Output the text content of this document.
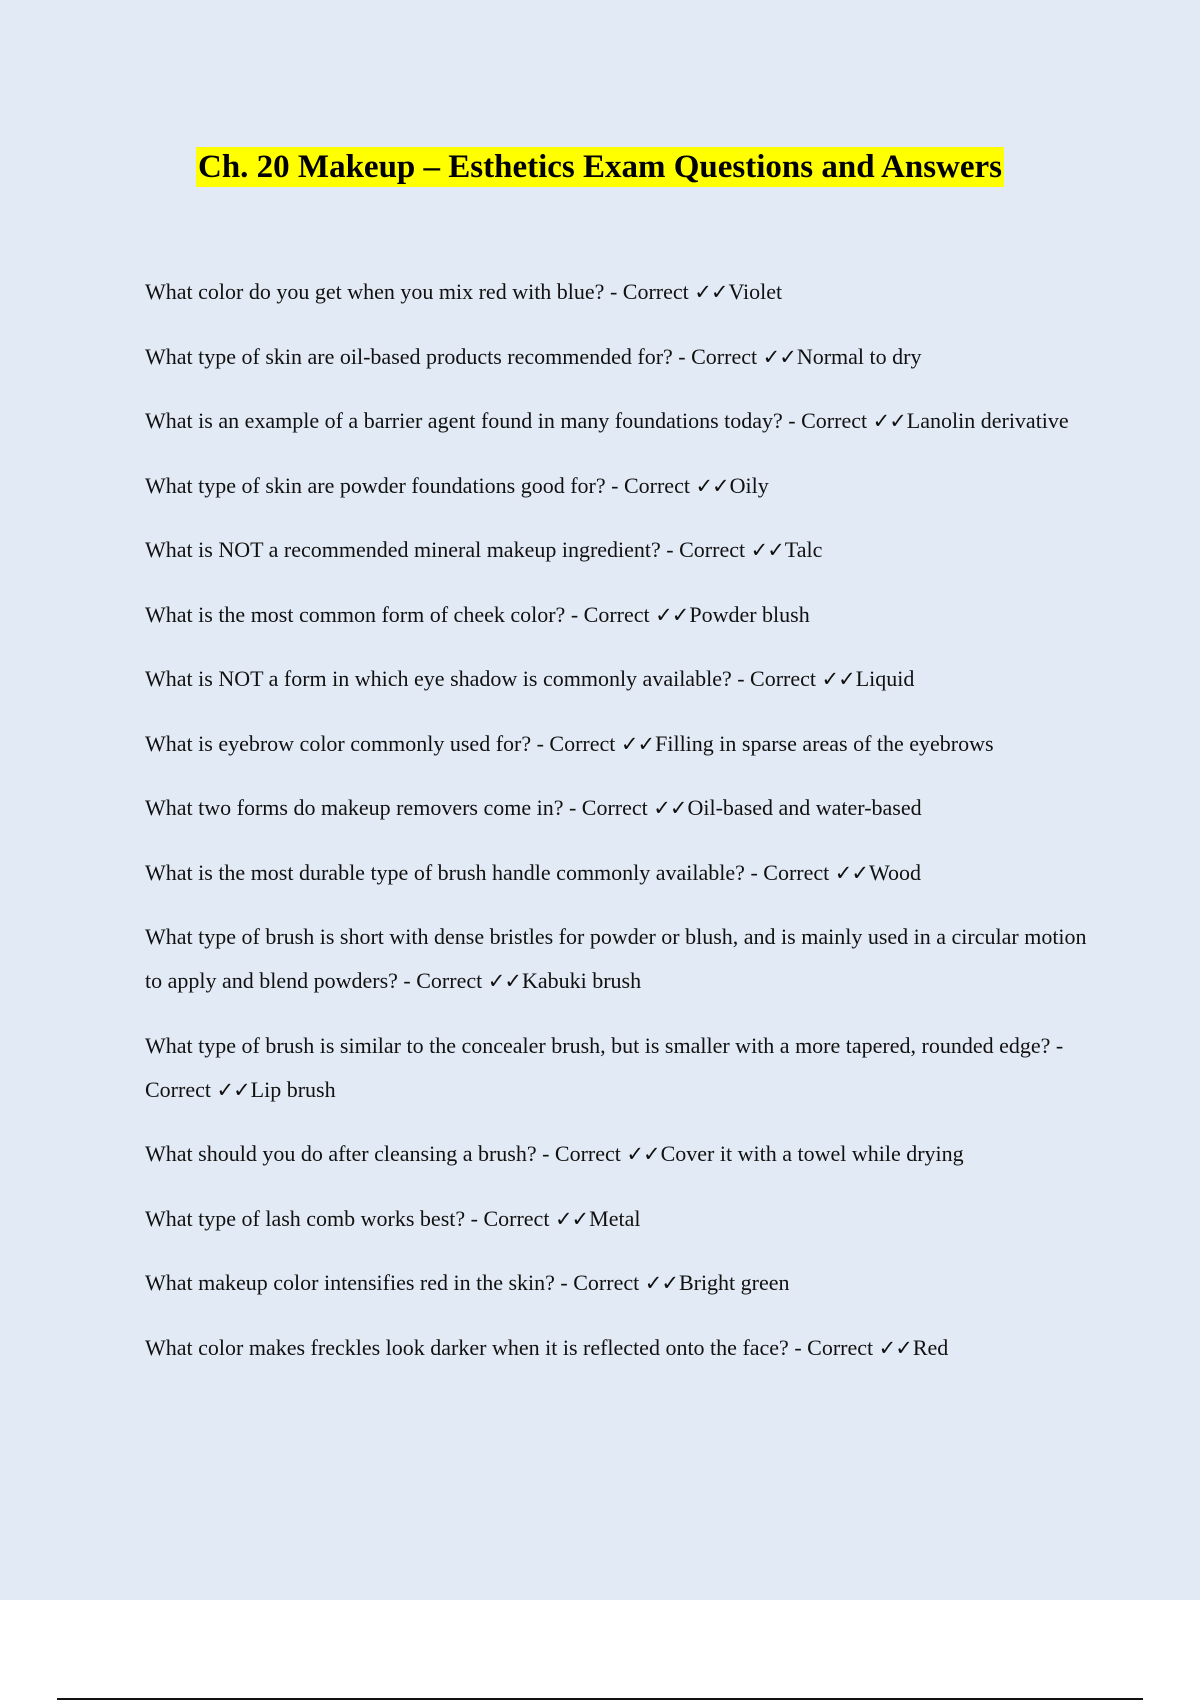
Ch. 20 Makeup – Esthetics Exam Questions and Answers
What color do you get when you mix red with blue? - Correct ✓✓Violet
What type of skin are oil-based products recommended for? - Correct ✓✓Normal to dry
What is an example of a barrier agent found in many foundations today? - Correct ✓✓Lanolin derivative
What type of skin are powder foundations good for? - Correct ✓✓Oily
What is NOT a recommended mineral makeup ingredient? - Correct ✓✓Talc
What is the most common form of cheek color? - Correct ✓✓Powder blush
What is NOT a form in which eye shadow is commonly available? - Correct ✓✓Liquid
What is eyebrow color commonly used for? - Correct ✓✓Filling in sparse areas of the eyebrows
What two forms do makeup removers come in? - Correct ✓✓Oil-based and water-based
What is the most durable type of brush handle commonly available? - Correct ✓✓Wood
What type of brush is short with dense bristles for powder or blush, and is mainly used in a circular motion to apply and blend powders? - Correct ✓✓Kabuki brush
What type of brush is similar to the concealer brush, but is smaller with a more tapered, rounded edge? - Correct ✓✓Lip brush
What should you do after cleansing a brush? - Correct ✓✓Cover it with a towel while drying
What type of lash comb works best? - Correct ✓✓Metal
What makeup color intensifies red in the skin? - Correct ✓✓Bright green
What color makes freckles look darker when it is reflected onto the face? - Correct ✓✓Red
